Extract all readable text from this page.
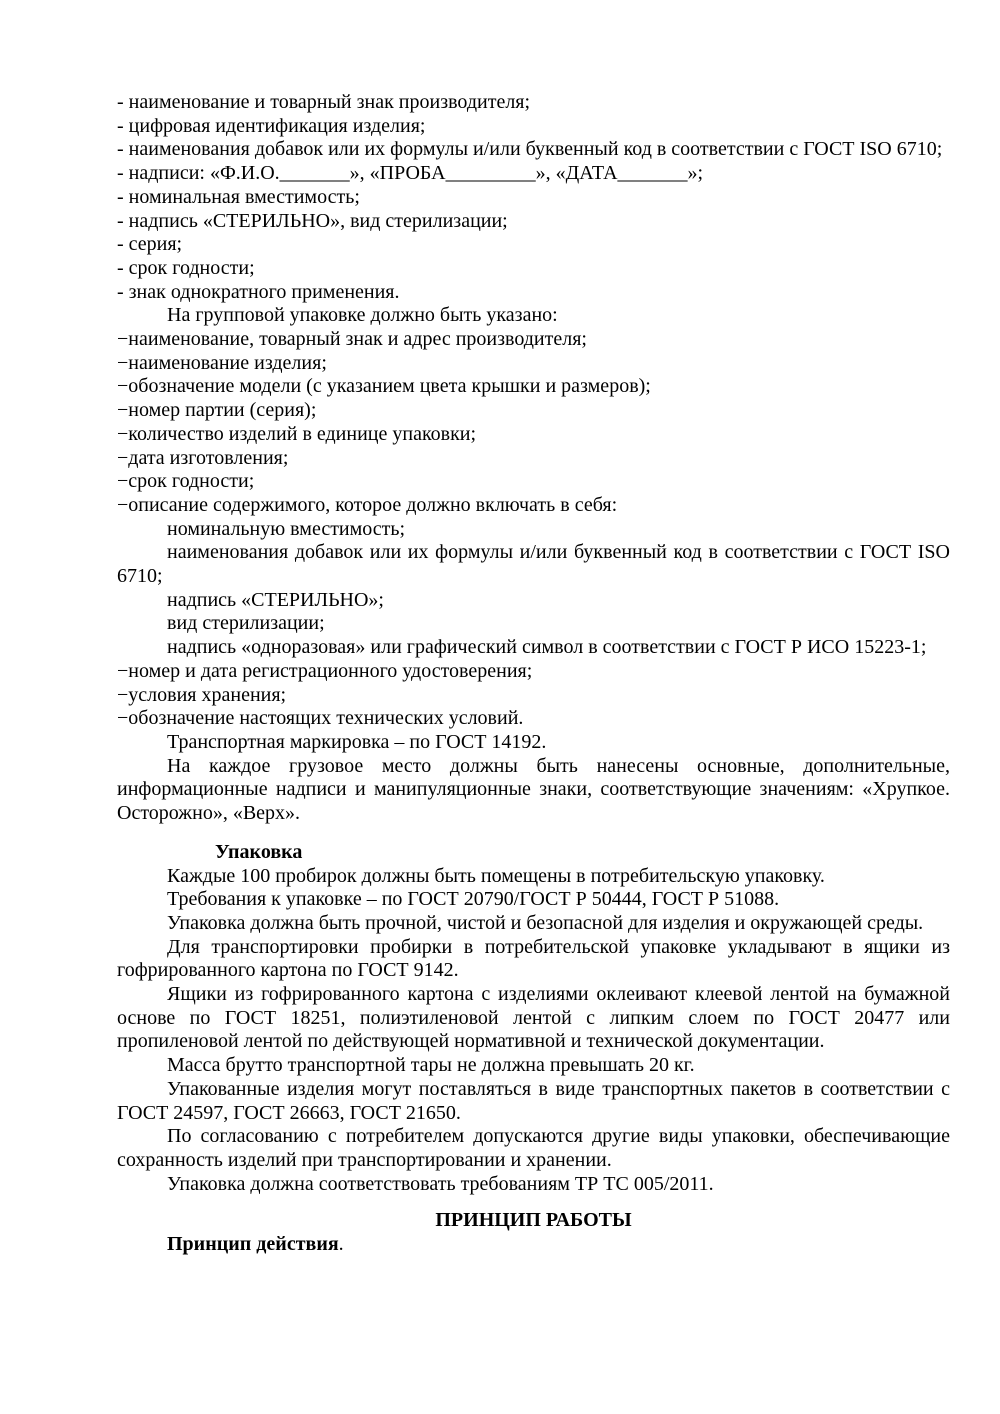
- наименование и товарный знак производителя;

- цифровая идентификация изделия;

- наименования добавок или их формулы и/или буквенный код в соответствии с ГОСТ ISO 6710;

- надписи: «Ф.И.О._______», «ПРОБА_________», «ДАТА_______»;

- номинальная вместимость;

- надпись «СТЕРИЛЬНО», вид стерилизации;

- серия;

- срок годности;

- знак однократного применения.

На групповой упаковке должно быть указано:

−наименование, товарный знак и адрес производителя;

−наименование изделия;

−обозначение модели (с указанием цвета крышки и размеров);

−номер партии (серия);

−количество изделий в единице упаковки;

−дата изготовления;

−срок годности;

−описание содержимого, которое должно включать в себя:

номинальную вместимость;

наименования добавок или их формулы и/или буквенный код в соответствии с ГОСТ ISO 6710;

надпись «СТЕРИЛЬНО»;

вид стерилизации;

надпись «одноразовая» или графический символ в соответствии с ГОСТ Р ИСО 15223-1;

−номер и дата регистрационного удостоверения;

−условия хранения;

−обозначение настоящих технических условий.

Транспортная маркировка – по ГОСТ 14192.

На каждое грузовое место должны быть нанесены основные, дополнительные, информационные надписи и манипуляционные знаки, соответствующие значениям: «Хрупкое. Осторожно», «Верх».

Упаковка

Каждые 100 пробирок должны быть помещены в потребительскую упаковку.

Требования к упаковке – по ГОСТ 20790/ГОСТ Р 50444, ГОСТ Р 51088.

Упаковка должна быть прочной, чистой и безопасной для изделия и окружающей среды.

Для транспортировки пробирки в потребительской упаковке укладывают в ящики из гофрированного картона по ГОСТ 9142.

Ящики из гофрированного картона с изделиями оклеивают клеевой лентой на бумажной основе по ГОСТ 18251, полиэтиленовой лентой с липким слоем по ГОСТ 20477 или пропиленовой лентой по действующей нормативной и технической документации.

Масса брутто транспортной тары не должна превышать 20 кг.

Упакованные изделия могут поставляться в виде транспортных пакетов в соответствии с ГОСТ 24597, ГОСТ 26663, ГОСТ 21650.

По согласованию с потребителем допускаются другие виды упаковки, обеспечивающие сохранность изделий при транспортировании и хранении.

Упаковка должна соответствовать требованиям ТР ТС 005/2011.

ПРИНЦИП РАБОТЫ

Принцип действия.
